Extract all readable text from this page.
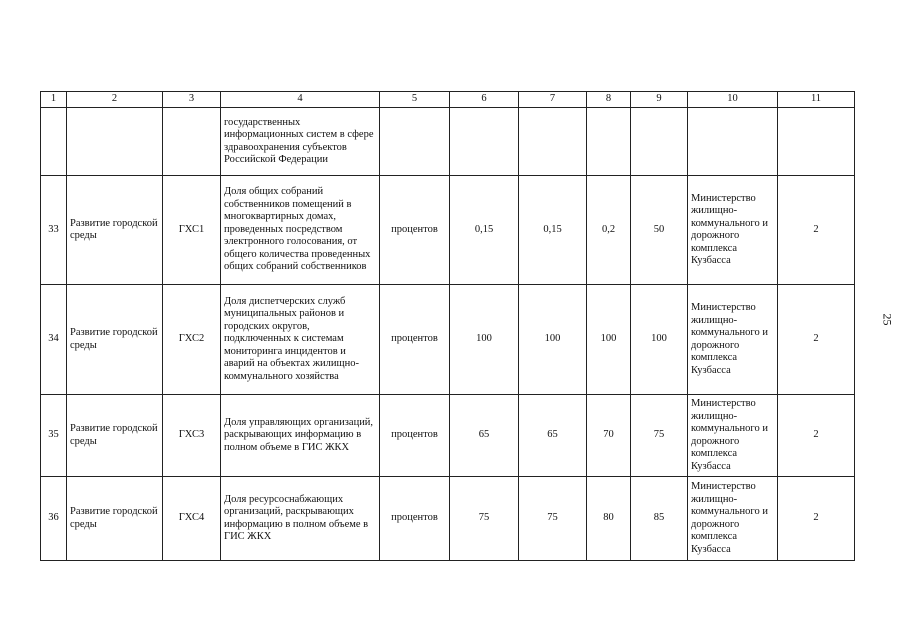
1	2	3	4	5	6	7	8	9	10	11
			государственных информационных систем в сфере здравоохранения субъектов Российской Федерации							
33	Развитие городской среды	ГХС1	Доля общих собраний собственников помещений в многоквартирных домах, проведенных посредством электронного голосования, от общего количества проведенных общих собраний собственников	процентов	0,15	0,15	0,2	50	Министерство жилищно-коммунального и дорожного комплекса Кузбасса	2
34	Развитие городской среды	ГХС2	Доля диспетчерских служб муниципальных районов и городских округов, подключенных к системам мониторинга инцидентов и аварий на объектах жилищно-коммунального хозяйства	процентов	100	100	100	100	Министерство жилищно-коммунального и дорожного комплекса Кузбасса	2
35	Развитие городской среды	ГХС3	Доля управляющих организаций, раскрывающих информацию в полном объеме в ГИС ЖКХ	процентов	65	65	70	75	Министерство жилищно-коммунального и дорожного комплекса Кузбасса	2
36	Развитие городской среды	ГХС4	Доля ресурсоснабжающих организаций, раскрывающих информацию в полном объеме в ГИС ЖКХ	процентов	75	75	80	85	Министерство жилищно-коммунального и дорожного комплекса Кузбасса	2
25
